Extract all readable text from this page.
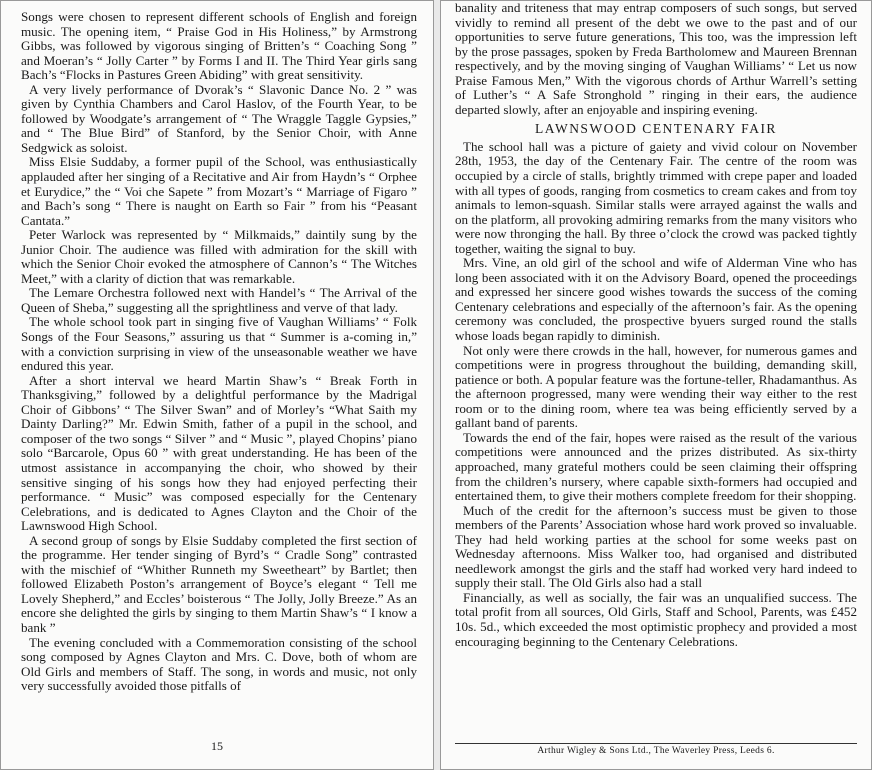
Songs were chosen to represent different schools of English and foreign music. The opening item, “ Praise God in His Holiness,” by Armstrong Gibbs, was followed by vigorous singing of Britten’s “ Coaching Song ” and Moeran’s “ Jolly Carter ” by Forms I and II. The Third Year girls sang Bach’s “Flocks in Pastures Green Abiding” with great sensitivity.

A very lively performance of Dvorak’s “ Slavonic Dance No. 2 ” was given by Cynthia Chambers and Carol Haslov, of the Fourth Year, to be followed by Woodgate’s arrangement of “ The Wraggle Taggle Gypsies,” and “ The Blue Bird” of Stanford, by the Senior Choir, with Anne Sedgwick as soloist.

Miss Elsie Suddaby, a former pupil of the School, was enthusiastically applauded after her singing of a Recitative and Air from Haydn’s “ Orphee et Eurydice,” the “ Voi che Sapete ” from Mozart’s “ Marriage of Figaro ” and Bach’s song “ There is naught on Earth so Fair ” from his “Peasant Cantata.”

Peter Warlock was represented by “ Milkmaids,” daintily sung by the Junior Choir. The audience was filled with admiration for the skill with which the Senior Choir evoked the atmosphere of Cannon’s “ The Witches Meet,” with a clarity of diction that was remarkable.

The Lemare Orchestra followed next with Handel’s “ The Arrival of the Queen of Sheba,” suggesting all the sprightliness and verve of that lady.

The whole school took part in singing five of Vaughan Williams’ “ Folk Songs of the Four Seasons,” assuring us that “ Summer is a-coming in,” with a conviction surprising in view of the unseasonable weather we have endured this year.

After a short interval we heard Martin Shaw’s “ Break Forth in Thanksgiving,” followed by a delightful performance by the Madrigal Choir of Gibbons’ “ The Silver Swan” and of Morley’s “What Saith my Dainty Darling?” Mr. Edwin Smith, father of a pupil in the school, and composer of the two songs “ Silver ” and “ Music ”, played Chopins’ piano solo “Barcarole, Opus 60 ” with great understanding. He has been of the utmost assistance in accompanying the choir, who showed by their sensitive singing of his songs how they had enjoyed perfecting their performance. “ Music” was composed especially for the Centenary Celebrations, and is dedicated to Agnes Clayton and the Choir of the Lawnswood High School.

A second group of songs by Elsie Suddaby completed the first section of the programme. Her tender singing of Byrd’s “ Cradle Song” contrasted with the mischief of “Whither Runneth my Sweetheart” by Bartlet; then followed Elizabeth Poston’s arrangement of Boyce’s elegant “ Tell me Lovely Shepherd,” and Eccles’ boisterous “ The Jolly, Jolly Breeze.” As an encore she delighted the girls by singing to them Martin Shaw’s “ I know a bank ”

The evening concluded with a Commemoration consisting of the school song composed by Agnes Clayton and Mrs. C. Dove, both of whom are Old Girls and members of Staff. The song, in words and music, not only very successfully avoided those pitfalls of

15

banality and triteness that may entrap composers of such songs, but served vividly to remind all present of the debt we owe to the past and of our opportunities to serve future generations, This too, was the impression left by the prose passages, spoken by Freda Bartholomew and Maureen Brennan respectively, and by the moving singing of Vaughan Williams’ “ Let us now Praise Famous Men,” With the vigorous chords of Arthur Warrell’s setting of Luther’s “ A Safe Stronghold ” ringing in their ears, the audience departed slowly, after an enjoyable and inspiring evening.

LAWNSWOOD CENTENARY FAIR

The school hall was a picture of gaiety and vivid colour on November 28th, 1953, the day of the Centenary Fair. The centre of the room was occupied by a circle of stalls, brightly trimmed with crepe paper and loaded with all types of goods, ranging from cosmetics to cream cakes and from toy animals to lemon-squash. Similar stalls were arrayed against the walls and on the platform, all provoking admiring remarks from the many visitors who were now thronging the hall. By three o’clock the crowd was packed tightly together, waiting the signal to buy.

Mrs. Vine, an old girl of the school and wife of Alderman Vine who has long been associated with it on the Advisory Board, opened the proceedings and expressed her sincere good wishes towards the success of the coming Centenary celebrations and especially of the afternoon’s fair. As the opening ceremony was concluded, the prospective byuers surged round the stalls whose loads began rapidly to diminish.

Not only were there crowds in the hall, however, for numerous games and competitions were in progress throughout the building, demanding skill, patience or both. A popular feature was the fortune-teller, Rhadamanthus. As the afternoon progressed, many were wending their way either to the rest room or to the dining room, where tea was being efficiently served by a gallant band of parents.

Towards the end of the fair, hopes were raised as the result of the various competitions were announced and the prizes distributed. As six-thirty approached, many grateful mothers could be seen claiming their offspring from the children’s nursery, where capable sixth-formers had occupied and entertained them, to give their mothers complete freedom for their shopping.

Much of the credit for the afternoon’s success must be given to those members of the Parents’ Association whose hard work proved so invaluable. They had held working parties at the school for some weeks past on Wednesday afternoons. Miss Walker too, had organised and distributed needlework amongst the girls and the staff had worked very hard indeed to supply their stall. The Old Girls also had a stall

Financially, as well as socially, the fair was an unqualified success. The total profit from all sources, Old Girls, Staff and School, Parents, was £452 10s. 5d., which exceeded the most optimistic prophecy and provided a most encouraging beginning to the Centenary Celebrations.

Arthur Wigley & Sons Ltd., The Waverley Press, Leeds 6.
